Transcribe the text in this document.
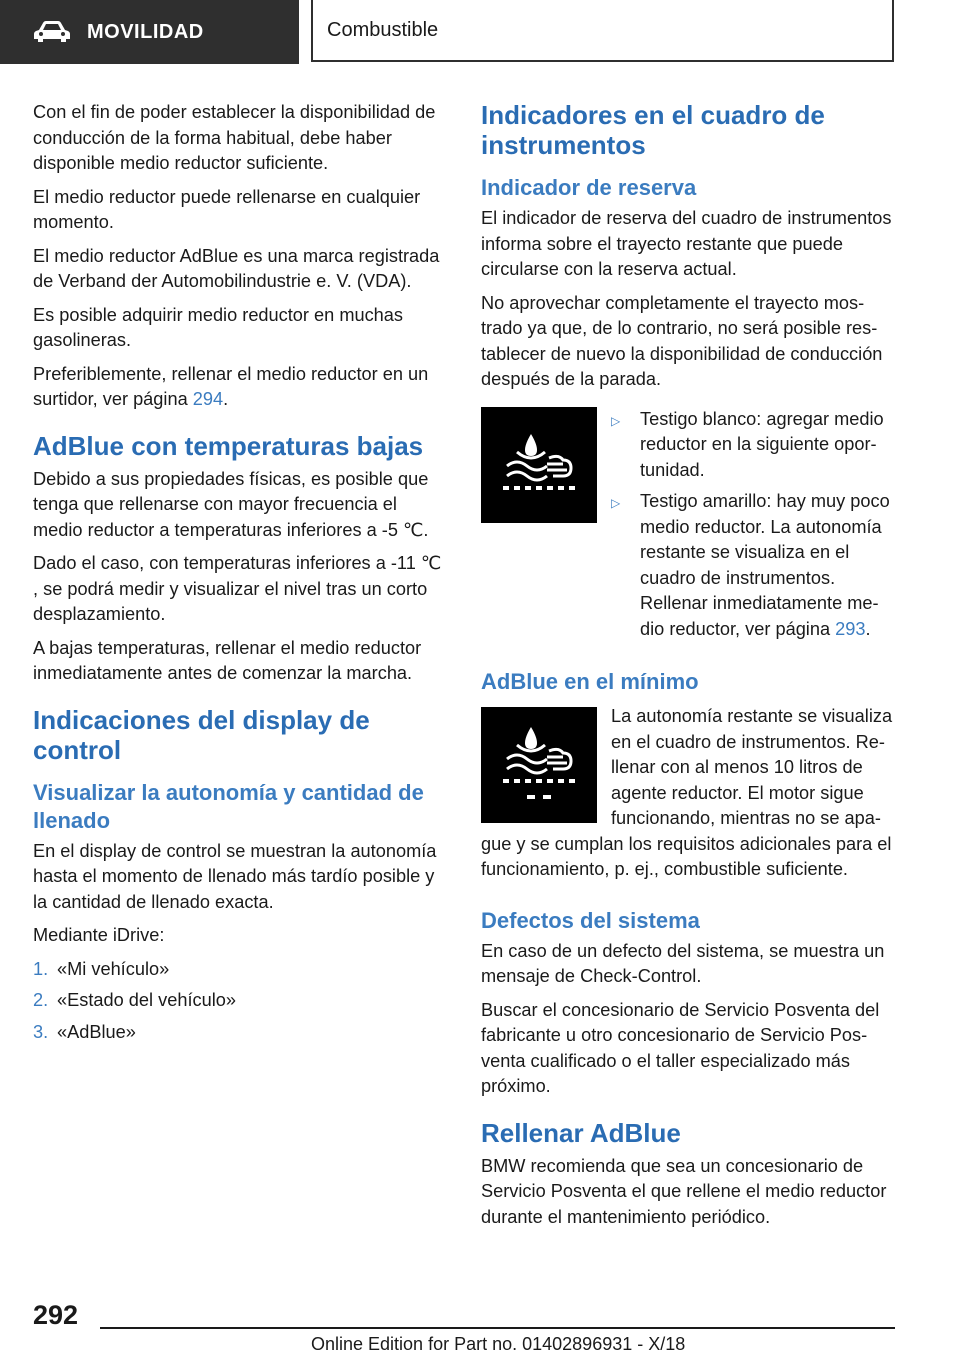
MOVILIDAD	Combustible

Con el fin de poder establecer la disponibilidad de conducción de la forma habitual, debe haber disponible medio reductor suficiente.

El medio reductor puede rellenarse en cualquier momento.

El medio reductor AdBlue es una marca registrada de Verband der Automobilindustrie e. V. (VDA).

Es posible adquirir medio reductor en muchas gasolineras.

Preferiblemente, rellenar el medio reductor en un surtidor, ver página 294.

AdBlue con temperaturas bajas

Debido a sus propiedades físicas, es posible que tenga que rellenarse con mayor frecuencia el medio reductor a temperaturas inferiores a -5 ℃.

Dado el caso, con temperaturas inferiores a -11 ℃ , se podrá medir y visualizar el nivel tras un corto desplazamiento.

A bajas temperaturas, rellenar el medio reductor inmediatamente antes de comenzar la marcha.

Indicaciones del display de control
Visualizar la autonomía y cantidad de llenado

En el display de control se muestran la autonomía hasta el momento de llenado más tardío posible y la cantidad de llenado exacta.

Mediante iDrive:

1. «Mi vehículo»
2. «Estado del vehículo»
3. «AdBlue»
Indicadores en el cuadro de instrumentos
Indicador de reserva

El indicador de reserva del cuadro de instrumentos informa sobre el trayecto restante que puede circularse con la reserva actual.

No aprovechar completamente el trayecto mostrado ya que, de lo contrario, no será posible restablecer de nuevo la disponibilidad de conducción después de la parada.

▷	Testigo blanco: agregar medio reductor en la siguiente oportunidad.
▷	Testigo amarillo: hay muy poco medio reductor. La autonomía restante se visualiza en el cuadro de instrumentos. Rellenar inmediatamente medio reductor, ver página 293.
AdBlue en el mínimo

La autonomía restante se visualiza en el cuadro de instrumentos. Rellenar con al menos 10 litros de agente reductor. El motor sigue funcionando, mientras no se apague y se cumplan los requisitos adicionales para el funcionamiento, p. ej., combustible suficiente.

Defectos del sistema

En caso de un defecto del sistema, se muestra un mensaje de Check-Control.

Buscar el concesionario de Servicio Posventa del fabricante u otro concesionario de Servicio Posventa cualificado o el taller especializado más próximo.

Rellenar AdBlue

BMW recomienda que sea un concesionario de Servicio Posventa el que rellene el medio reductor durante el mantenimiento periódico.

292
Online Edition for Part no. 01402896931 - X/18
